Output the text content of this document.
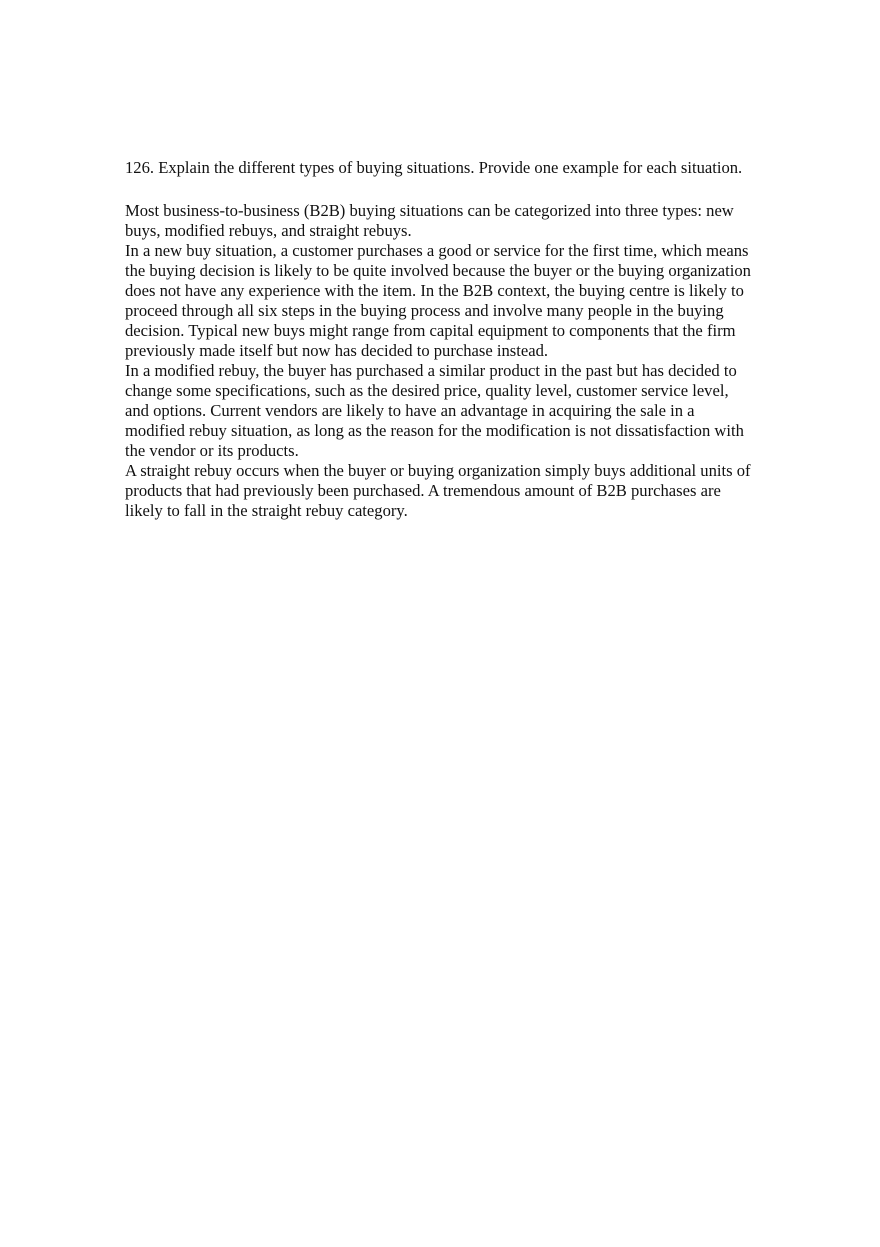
126. Explain the different types of buying situations. Provide one example for each situation.

Most business-to-business (B2B) buying situations can be categorized into three types: new
buys, modified rebuys, and straight rebuys.
In a new buy situation, a customer purchases a good or service for the first time, which means
the buying decision is likely to be quite involved because the buyer or the buying organization
does not have any experience with the item. In the B2B context, the buying centre is likely to
proceed through all six steps in the buying process and involve many people in the buying
decision. Typical new buys might range from capital equipment to components that the firm
previously made itself but now has decided to purchase instead.
In a modified rebuy, the buyer has purchased a similar product in the past but has decided to
change some specifications, such as the desired price, quality level, customer service level,
and options. Current vendors are likely to have an advantage in acquiring the sale in a
modified rebuy situation, as long as the reason for the modification is not dissatisfaction with
the vendor or its products.
A straight rebuy occurs when the buyer or buying organization simply buys additional units of
products that had previously been purchased. A tremendous amount of B2B purchases are
likely to fall in the straight rebuy category.
